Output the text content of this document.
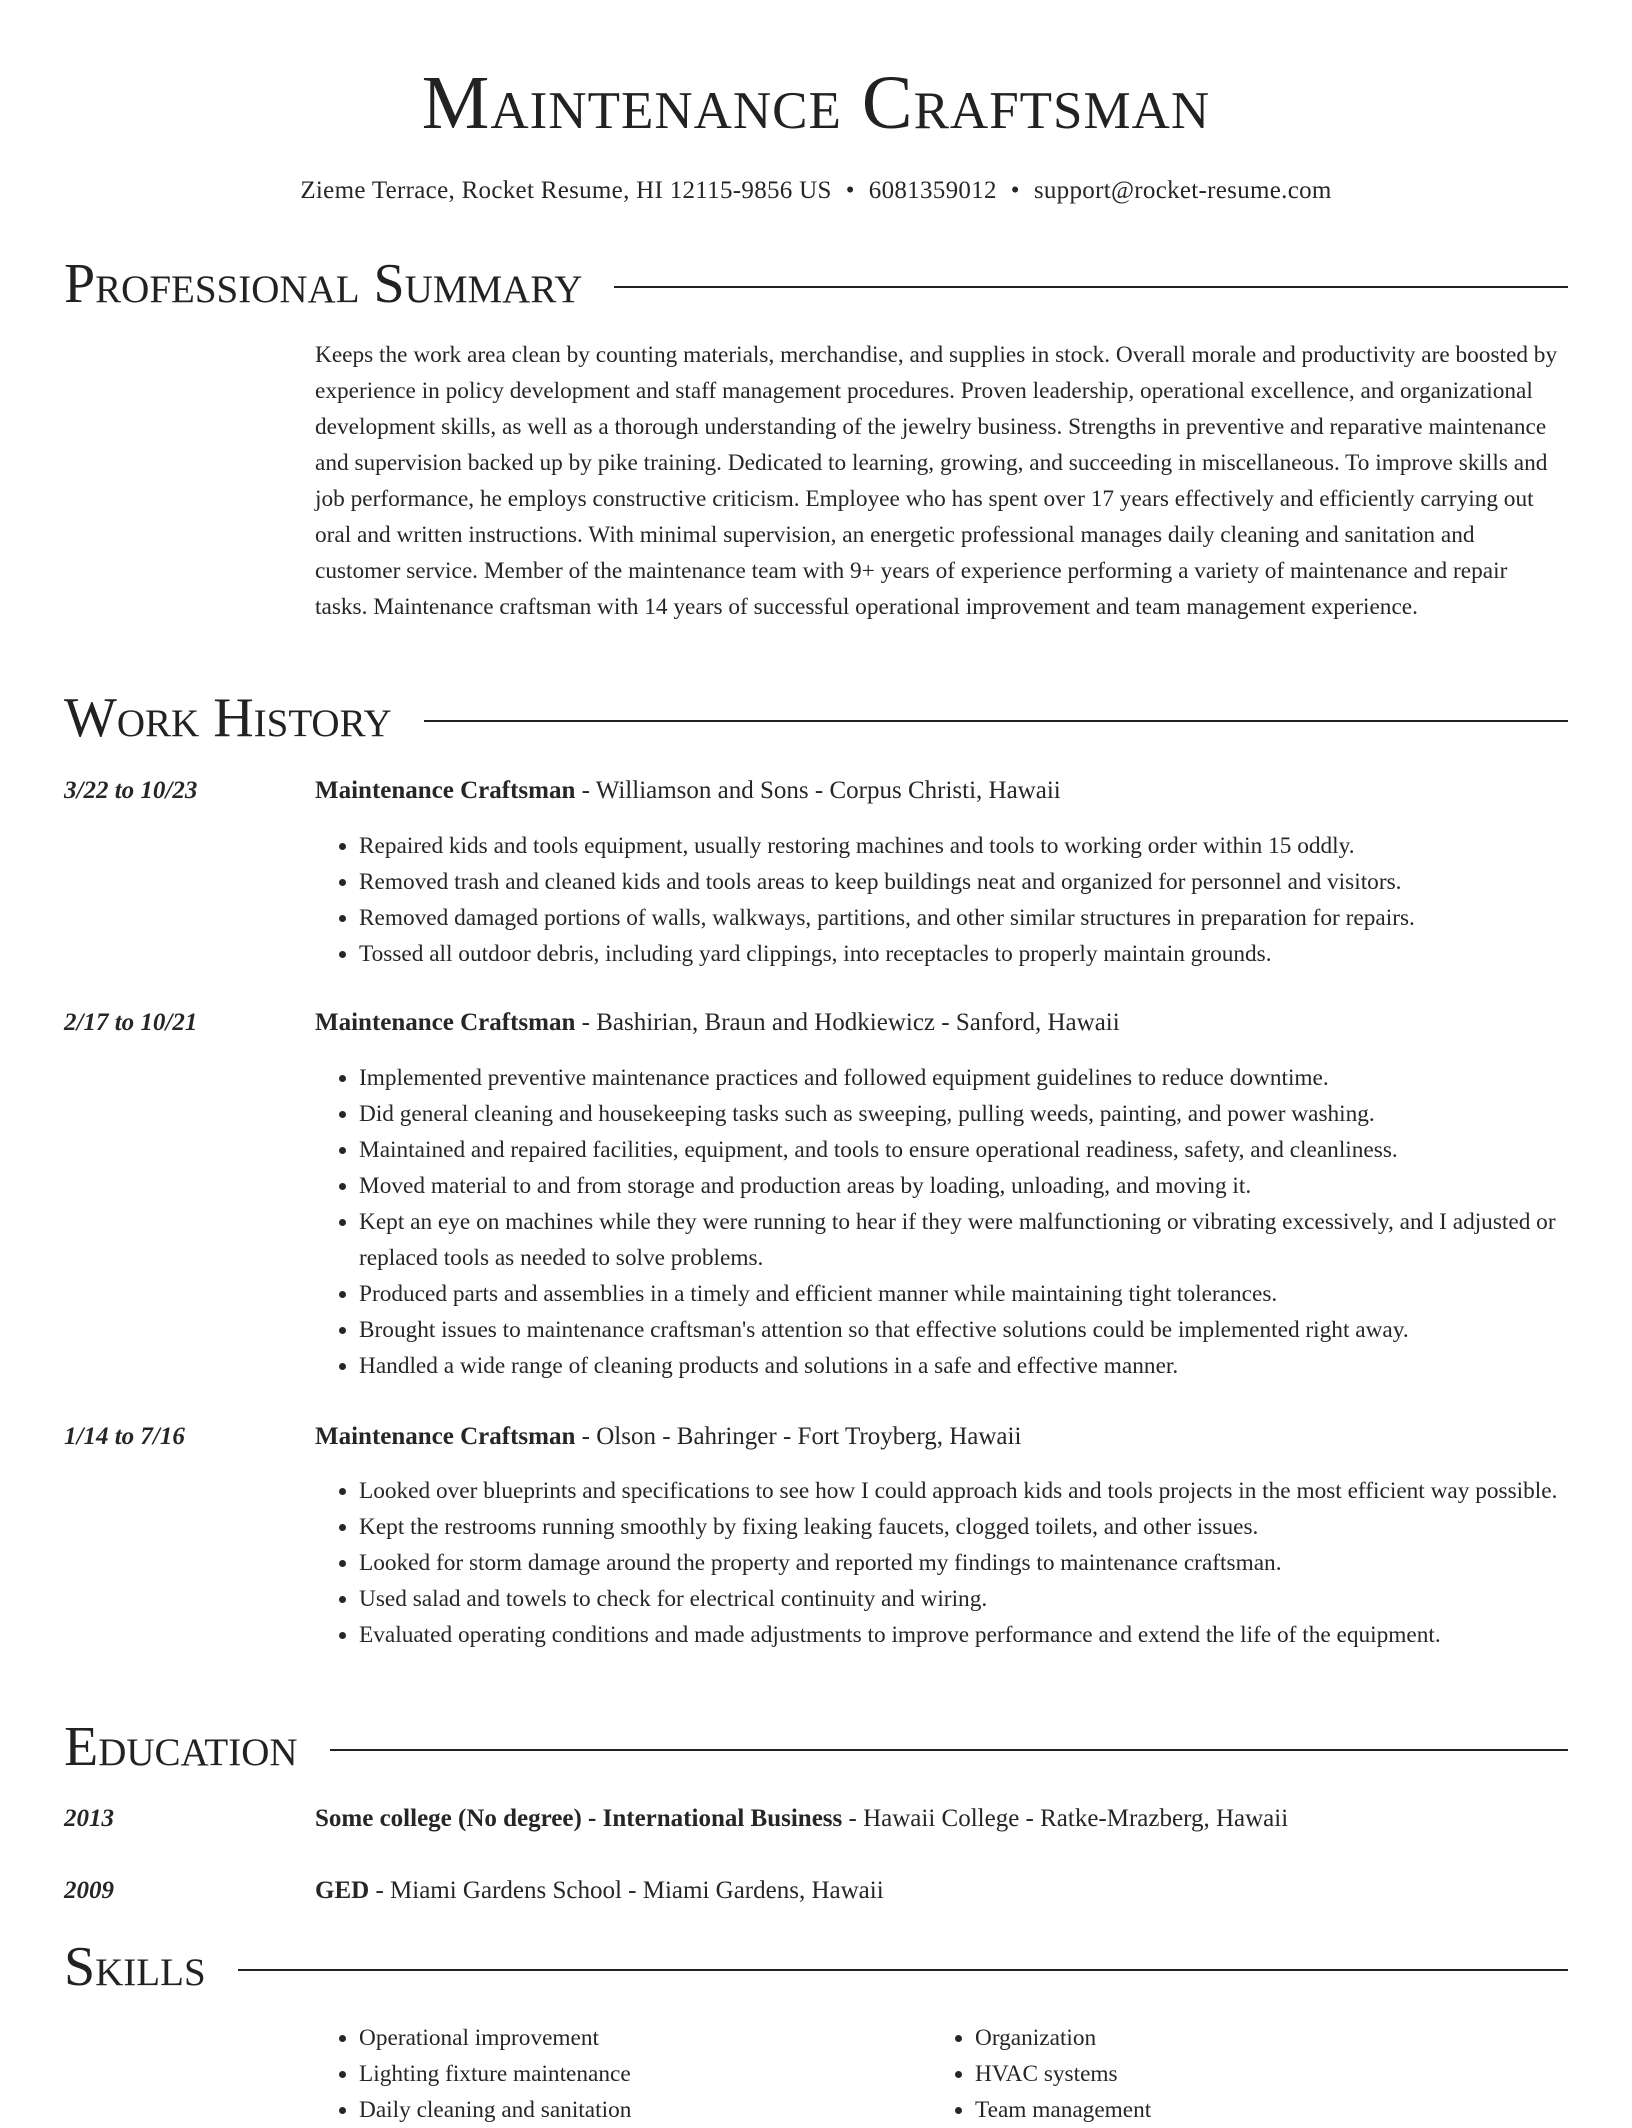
Maintenance Craftsman
Zieme Terrace, Rocket Resume, HI 12115-9856 US • 6081359012 • support@rocket-resume.com
Professional Summary

Keeps the work area clean by counting materials, merchandise, and supplies in stock. Overall morale and productivity are boosted by experience in policy development and staff management procedures. Proven leadership, operational excellence, and organizational development skills, as well as a thorough understanding of the jewelry business. Strengths in preventive and reparative maintenance and supervision backed up by pike training. Dedicated to learning, growing, and succeeding in miscellaneous. To improve skills and job performance, he employs constructive criticism. Employee who has spent over 17 years effectively and efficiently carrying out oral and written instructions. With minimal supervision, an energetic professional manages daily cleaning and sanitation and customer service. Member of the maintenance team with 9+ years of experience performing a variety of maintenance and repair tasks. Maintenance craftsman with 14 years of successful operational improvement and team management experience.

Work History
3/22 to 10/23	Maintenance Craftsman - Williamson and Sons - Corpus Christi, Hawaii
• Repaired kids and tools equipment, usually restoring machines and tools to working order within 15 oddly.
• Removed trash and cleaned kids and tools areas to keep buildings neat and organized for personnel and visitors.
• Removed damaged portions of walls, walkways, partitions, and other similar structures in preparation for repairs.
• Tossed all outdoor debris, including yard clippings, into receptacles to properly maintain grounds.
2/17 to 10/21	Maintenance Craftsman - Bashirian, Braun and Hodkiewicz - Sanford, Hawaii
• Implemented preventive maintenance practices and followed equipment guidelines to reduce downtime.
• Did general cleaning and housekeeping tasks such as sweeping, pulling weeds, painting, and power washing.
• Maintained and repaired facilities, equipment, and tools to ensure operational readiness, safety, and cleanliness.
• Moved material to and from storage and production areas by loading, unloading, and moving it.
• Kept an eye on machines while they were running to hear if they were malfunctioning or vibrating excessively, and I adjusted or replaced tools as needed to solve problems.
• Produced parts and assemblies in a timely and efficient manner while maintaining tight tolerances.
• Brought issues to maintenance craftsman's attention so that effective solutions could be implemented right away.
• Handled a wide range of cleaning products and solutions in a safe and effective manner.
1/14 to 7/16	Maintenance Craftsman - Olson - Bahringer - Fort Troyberg, Hawaii
• Looked over blueprints and specifications to see how I could approach kids and tools projects in the most efficient way possible.
• Kept the restrooms running smoothly by fixing leaking faucets, clogged toilets, and other issues.
• Looked for storm damage around the property and reported my findings to maintenance craftsman.
• Used salad and towels to check for electrical continuity and wiring.
• Evaluated operating conditions and made adjustments to improve performance and extend the life of the equipment.
Education
2013	Some college (No degree) - International Business - Hawaii College - Ratke-Mrazberg, Hawaii
2009	GED - Miami Gardens School - Miami Gardens, Hawaii
Skills
• Operational improvement
• Lighting fixture maintenance
• Daily cleaning and sanitation
• Organization
• HVAC systems
• Team management
